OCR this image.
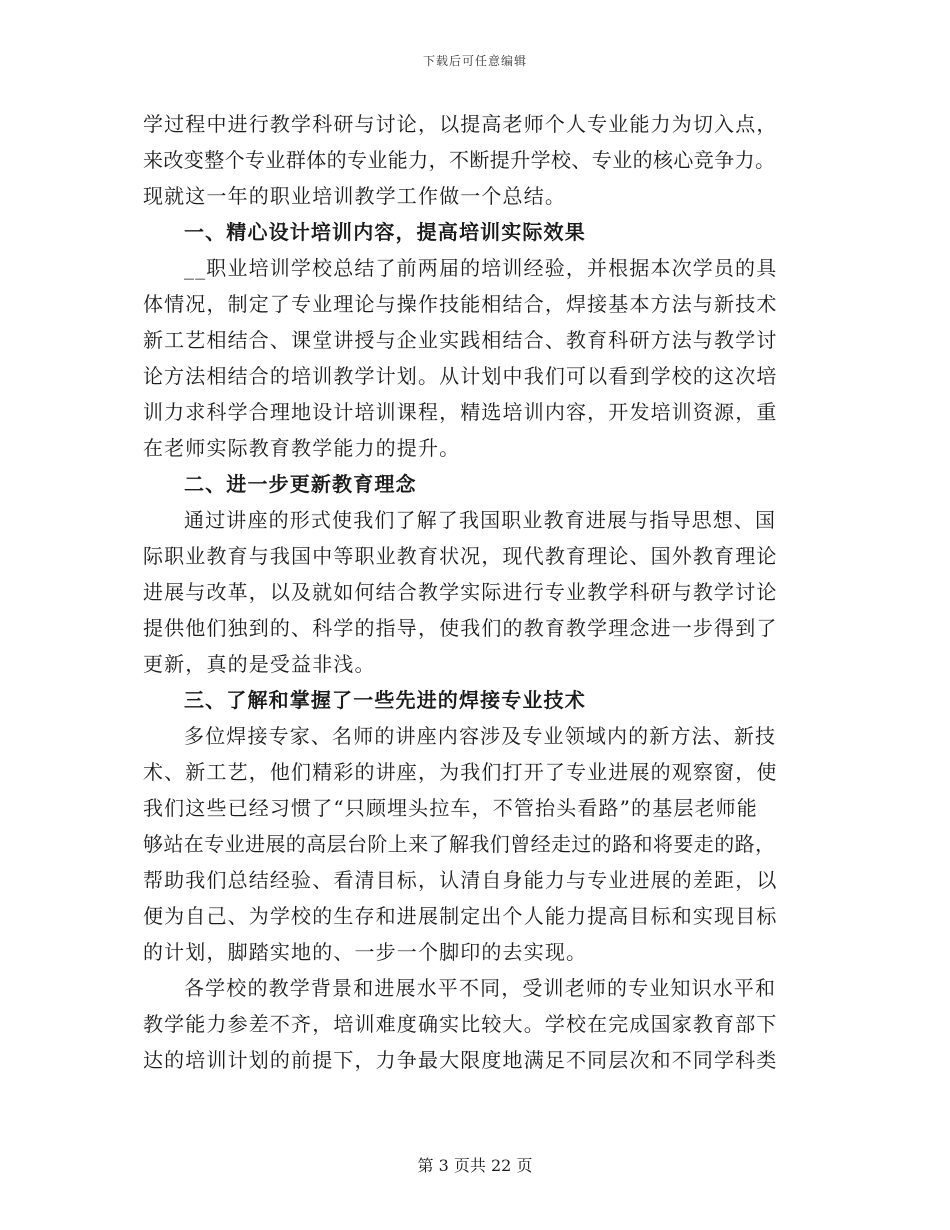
下载后可任意编辑
学过程中进行教学科研与讨论，以提高老师个人专业能力为切入点，
来改变整个专业群体的专业能力，不断提升学校、专业的核心竞争力。
现就这一年的职业培训教学工作做一个总结。
一、精心设计培训内容，提高培训实际效果
__职业培训学校总结了前两届的培训经验，并根据本次学员的具
体情况，制定了专业理论与操作技能相结合，焊接基本方法与新技术
新工艺相结合、课堂讲授与企业实践相结合、教育科研方法与教学讨
论方法相结合的培训教学计划。从计划中我们可以看到学校的这次培
训力求科学合理地设计培训课程，精选培训内容，开发培训资源，重
在老师实际教育教学能力的提升。
二、进一步更新教育理念
通过讲座的形式使我们了解了我国职业教育进展与指导思想、国
际职业教育与我国中等职业教育状况，现代教育理论、国外教育理论
进展与改革，以及就如何结合教学实际进行专业教学科研与教学讨论
提供他们独到的、科学的指导，使我们的教育教学理念进一步得到了
更新，真的是受益非浅。
三、了解和掌握了一些先进的焊接专业技术
多位焊接专家、名师的讲座内容涉及专业领域内的新方法、新技
术、新工艺，他们精彩的讲座，为我们打开了专业进展的观察窗，使
我们这些已经习惯了“只顾埋头拉车，不管抬头看路”的基层老师能
够站在专业进展的高层台阶上来了解我们曾经走过的路和将要走的路，
帮助我们总结经验、看清目标，认清自身能力与专业进展的差距，以
便为自己、为学校的生存和进展制定出个人能力提高目标和实现目标
的计划，脚踏实地的、一步一个脚印的去实现。
各学校的教学背景和进展水平不同，受训老师的专业知识水平和
教学能力参差不齐，培训难度确实比较大。学校在完成国家教育部下
达的培训计划的前提下，力争最大限度地满足不同层次和不同学科类
第 3 页共 22 页
